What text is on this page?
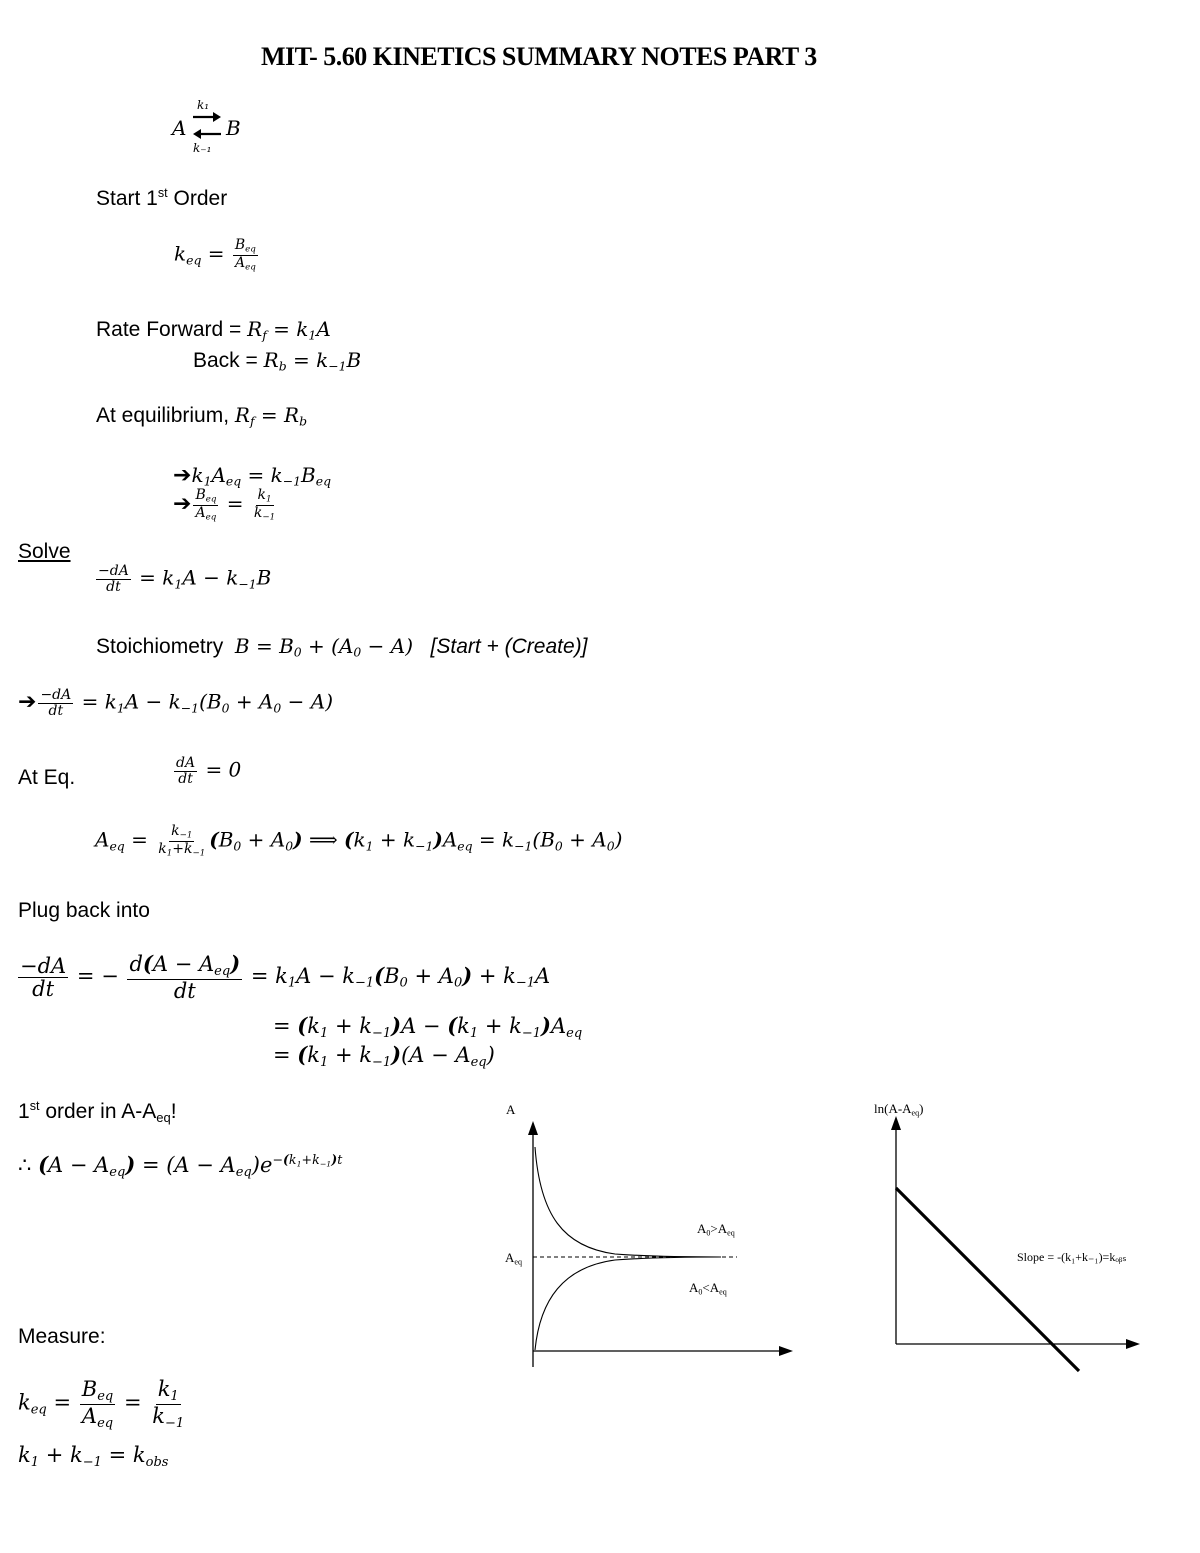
MIT- 5.60 KINETICS SUMMARY NOTES PART 3
A
k₁
k₋₁
B
Start 1st Order
$k_{eq} = \frac{B_{eq}}{A_{eq}}$
Rate Forward = $R_f = k_1A$
Back = $R_b = k_{-1}B$
At equilibrium, $R_f = R_b$
$➔k_1A_{eq} = k_{-1}B_{eq}$
➔ $\frac{B_{eq}}{A_{eq}} = \frac{k_1}{k_{-1}}$
Solve
$\frac{-dA}{dt} = k_1A - k_{-1}B$
Stoichiometry $B = B_0 + (A_0 - A)$ [Start + (Create)]
➔ $\frac{-dA}{dt} = k_1A - k_{-1}(B_0 + A_0 - A)$
At Eq.	$\frac{dA}{dt} = 0$
$A_{eq} = \frac{k_{-1}}{k_1+k_{-1}} (B_0 + A_0)$ ⟹ $(k_1 + k_{-1})A_{eq} = k_{-1}(B_0 + A_0)$
Plug back into
$\frac{-dA}{dt}$ = − $\frac{d(A - A_{eq})}{dt} = k_1A - k_{-1}(B_0 + A_0) + k_{-1}A$
= $(k_1 + k_{-1})A - (k_1 + k_{-1})A_{eq}$
= $(k_1 + k_{-1})(A - A_{eq})$
1st order in $A-A_{eq}$!
∴ $(A - A_{eq}) = (A - A_{eq})e^{-(k_1+k_{-1})t}$
Measure:
$k_{eq} = \frac{B_{eq}}{A_{eq}} = \frac{k_1}{k_{-1}}$
$k_1 + k_{-1} = k_{obs}$
A
$A_{eq}$
$A_0>A_{eq}$
$A_0<A_{eq}$
$\ln(A-A_{eq})$
Slope = -(k₁+k₋₁)=kₒᵦₛ
